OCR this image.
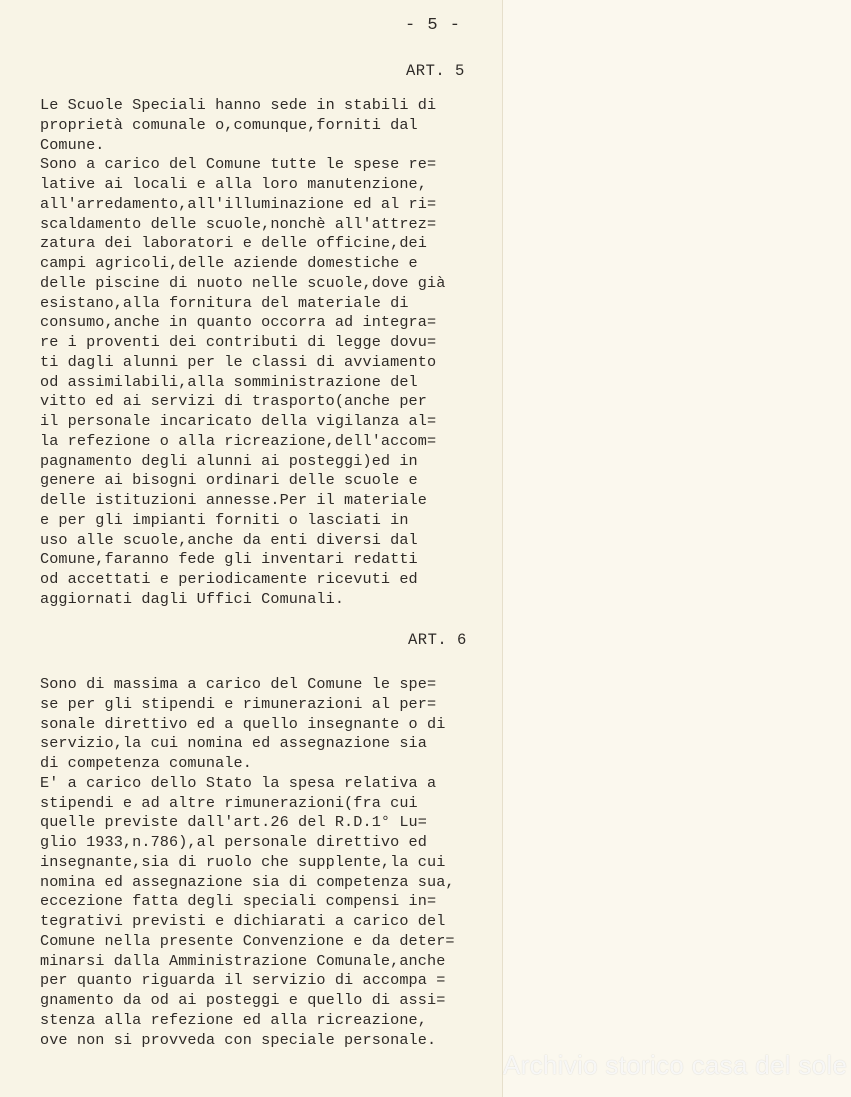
- 5 -
ART. 5
Le Scuole Speciali hanno sede in stabili di
proprietà comunale o,comunque,forniti dal
Comune.
Sono a carico del Comune tutte le spese re=
lative ai locali e alla loro manutenzione,
all'arredamento,all'illuminazione ed al ri=
scaldamento delle scuole,nonchè all'attrez=
zatura dei laboratori e delle officine,dei
campi agricoli,delle aziende domestiche e
delle piscine di nuoto nelle scuole,dove già
esistano,alla fornitura del materiale di
consumo,anche in quanto occorra ad integra=
re i proventi dei contributi di legge dovu=
ti dagli alunni per le classi di avviamento
od assimilabili,alla somministrazione del
vitto ed ai servizi di trasporto(anche per
il personale incaricato della vigilanza al=
la refezione o alla ricreazione,dell'accom=
pagnamento degli alunni ai posteggi)ed in
genere ai bisogni ordinari delle scuole e
delle istituzioni annesse.Per il materiale
e per gli impianti forniti o lasciati in
uso alle scuole,anche da enti diversi dal
Comune,faranno fede gli inventari redatti
od accettati e periodicamente ricevuti ed
aggiornati dagli Uffici Comunali.
ART. 6
Sono di massima a carico del Comune le spe=
se per gli stipendi e rimunerazioni al per=
sonale direttivo ed a quello insegnante o di
servizio,la cui nomina ed assegnazione sia
di competenza comunale.
E' a carico dello Stato la spesa relativa a
stipendi e ad altre rimunerazioni(fra cui
quelle previste dall'art.26 del R.D.1° Lu=
glio 1933,n.786),al personale direttivo ed
insegnante,sia di ruolo che supplente,la cui
nomina ed assegnazione sia di competenza sua,
eccezione fatta degli speciali compensi in=
tegrativi previsti e dichiarati a carico del
Comune nella presente Convenzione e da deter=
minarsi dalla Amministrazione Comunale,anche
per quanto riguarda il servizio di accompa =
gnamento da od ai posteggi e quello di assi=
stenza alla refezione ed alla ricreazione,
ove non si provveda con speciale personale.
Archivio storico casa del sole
